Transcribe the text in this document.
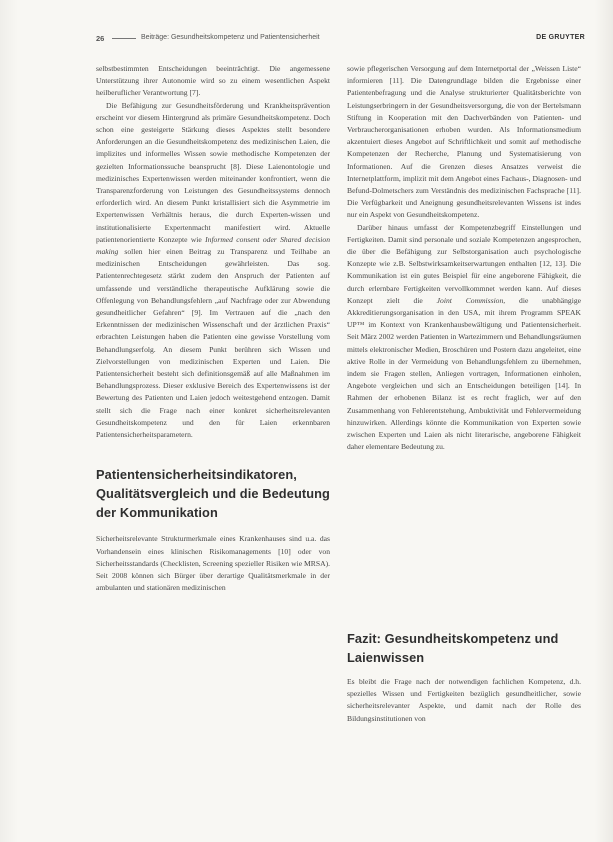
26	Beiträge: Gesundheitskompetenz und Patientensicherheit	DE GRUYTER

selbstbestimmten Entscheidungen beeinträchtigt. Die angemessene Unterstützung ihrer Autonomie wird so zu einem wesentlichen Aspekt heilberuflicher Verantwortung [7].

Die Befähigung zur Gesundheitsförderung und Krankheitsprävention erscheint vor diesem Hintergrund als primäre Gesundheitskompetenz. Doch schon eine gesteigerte Stärkung dieses Aspektes stellt besondere Anforderungen an die Gesundheitskompetenz des medizinischen Laien, die implizites und informelles Wissen sowie methodische Kompetenzen der gezielten Informationssuche beansprucht [8]. Diese Laienontologie und medizinisches Expertenwissen werden miteinander konfrontiert, wenn die Transparenzforderung von Leistungen des Gesundheitssystems dennoch erforderlich wird. An diesem Punkt kristallisiert sich die Asymmetrie im Expertenwissen Verhältnis heraus, die durch Experten-wissen und institutionalisierte Expertenmacht manifestiert wird. Aktuelle patientenorientierte Konzepte wie Informed consent oder Shared decision making sollen hier einen Beitrag zu Transparenz und Teilhabe an medizinischen Entscheidungen gewährleisten. Das sog. Patientenrechtegesetz stärkt zudem den Anspruch der Patienten auf umfassende und verständliche therapeutische Aufklärung sowie die Offenlegung von Behandlungsfehlern „auf Nachfrage oder zur Abwendung gesundheitlicher Gefahren“ [9]. Im Vertrauen auf die „nach den Erkenntnissen der medizinischen Wissenschaft und der ärztlichen Praxis“ erbrachten Leistungen haben die Patienten eine gewisse Vorstellung vom Behandlungserfolg. An diesem Punkt berühren sich Wissen und Zielvorstellungen von medizinischen Experten und Laien. Die Patientensicherheit besteht sich definitionsgemäß auf alle Maßnahmen im Behandlungsprozess. Dieser exklusive Bereich des Expertenwissens ist der Bewertung des Patienten und Laien jedoch weitestgehend entzogen. Damit stellt sich die Frage nach einer konkret sicherheitsrelevanten Gesundheitskompetenz und den für Laien erkennbaren Patientensicherheitsparametern.

Patientensicherheitsindikatoren, Qualitätsvergleich und die Bedeutung der Kommunikation

Sicherheitsrelevante Strukturmerkmale eines Krankenhauses sind u.a. das Vorhandensein eines klinischen Risikomanagements [10] oder von Sicherheitsstandards (Checklisten, Screening spezieller Risiken wie MRSA). Seit 2008 können sich Bürger über derartige Qualitätsmerkmale in der ambulanten und stationären medizinischen

sowie pflegerischen Versorgung auf dem Internetportal der „Weissen Liste“ informieren [11]. Die Datengrundlage bilden die Ergebnisse einer Patientenbefragung und die Analyse strukturierter Qualitätsberichte von Leistungserbringern in der Gesundheitsversorgung, die von der Bertelsmann Stiftung in Kooperation mit den Dachverbänden von Patienten- und Verbraucherorganisationen erhoben wurden. Als Informationsmedium akzentuiert dieses Angebot auf Schriftlichkeit und somit auf methodische Kompetenzen der Recherche, Planung und Systematisierung von Informationen. Auf die Grenzen dieses Ansatzes verweist die Internetplattform, implizit mit dem Angebot eines Fachaus-, Diagnosen- und Befund-Dolmetschers zum Verständnis des medizinischen Fachsprache [11]. Die Verfügbarkeit und Aneignung gesundheitsrelevanten Wissens ist indes nur ein Aspekt von Gesundheitskompetenz.

Darüber hinaus umfasst der Kompetenzbegriff Einstellungen und Fertigkeiten. Damit sind personale und soziale Kompetenzen angesprochen, die über die Befähigung zur Selbstorganisation auch psychologische Konzepte wie z.B. Selbstwirksamkeitserwartungen enthalten [12, 13]. Die Kommunikation ist ein gutes Beispiel für eine angeborene Fähigkeit, die durch erlernbare Fertigkeiten vervollkommnet werden kann. Auf dieses Konzept zielt die Joint Commission, die unabhängige Akkreditierungsorganisation in den USA, mit ihrem Programm SPEAK UP™ im Kontext von Krankenhausbewältigung und Patientensicherheit. Seit März 2002 werden Patienten in Wartezimmern und Behandlungsräumen mittels elektronischer Medien, Broschüren und Postern dazu angeleitet, eine aktive Rolle in der Vermeidung von Behandlungsfehlern zu übernehmen, indem sie Fragen stellen, Anliegen vortragen, Informationen einholen, Angebote vergleichen und sich an Entscheidungen beteiligen [14]. In Rahmen der erhobenen Bilanz ist es recht fraglich, wer auf den Zusammenhang von Fehlerentstehung, Ambuktivität und Fehlervermeidung hinzuwirken. Allerdings könnte die Kommunikation von Experten sowie zwischen Experten und Laien als nicht literarische, angeborene Fähigkeit daher elementare Bedeutung zu.

Fazit: Gesundheitskompetenz und Laienwissen

Es bleibt die Frage nach der notwendigen fachlichen Kompetenz, d.h. spezielles Wissen und Fertigkeiten bezüglich gesundheitlicher, sowie sicherheitsrelevanter Aspekte, und damit nach der Rolle des Bildungsinstitutionen von
